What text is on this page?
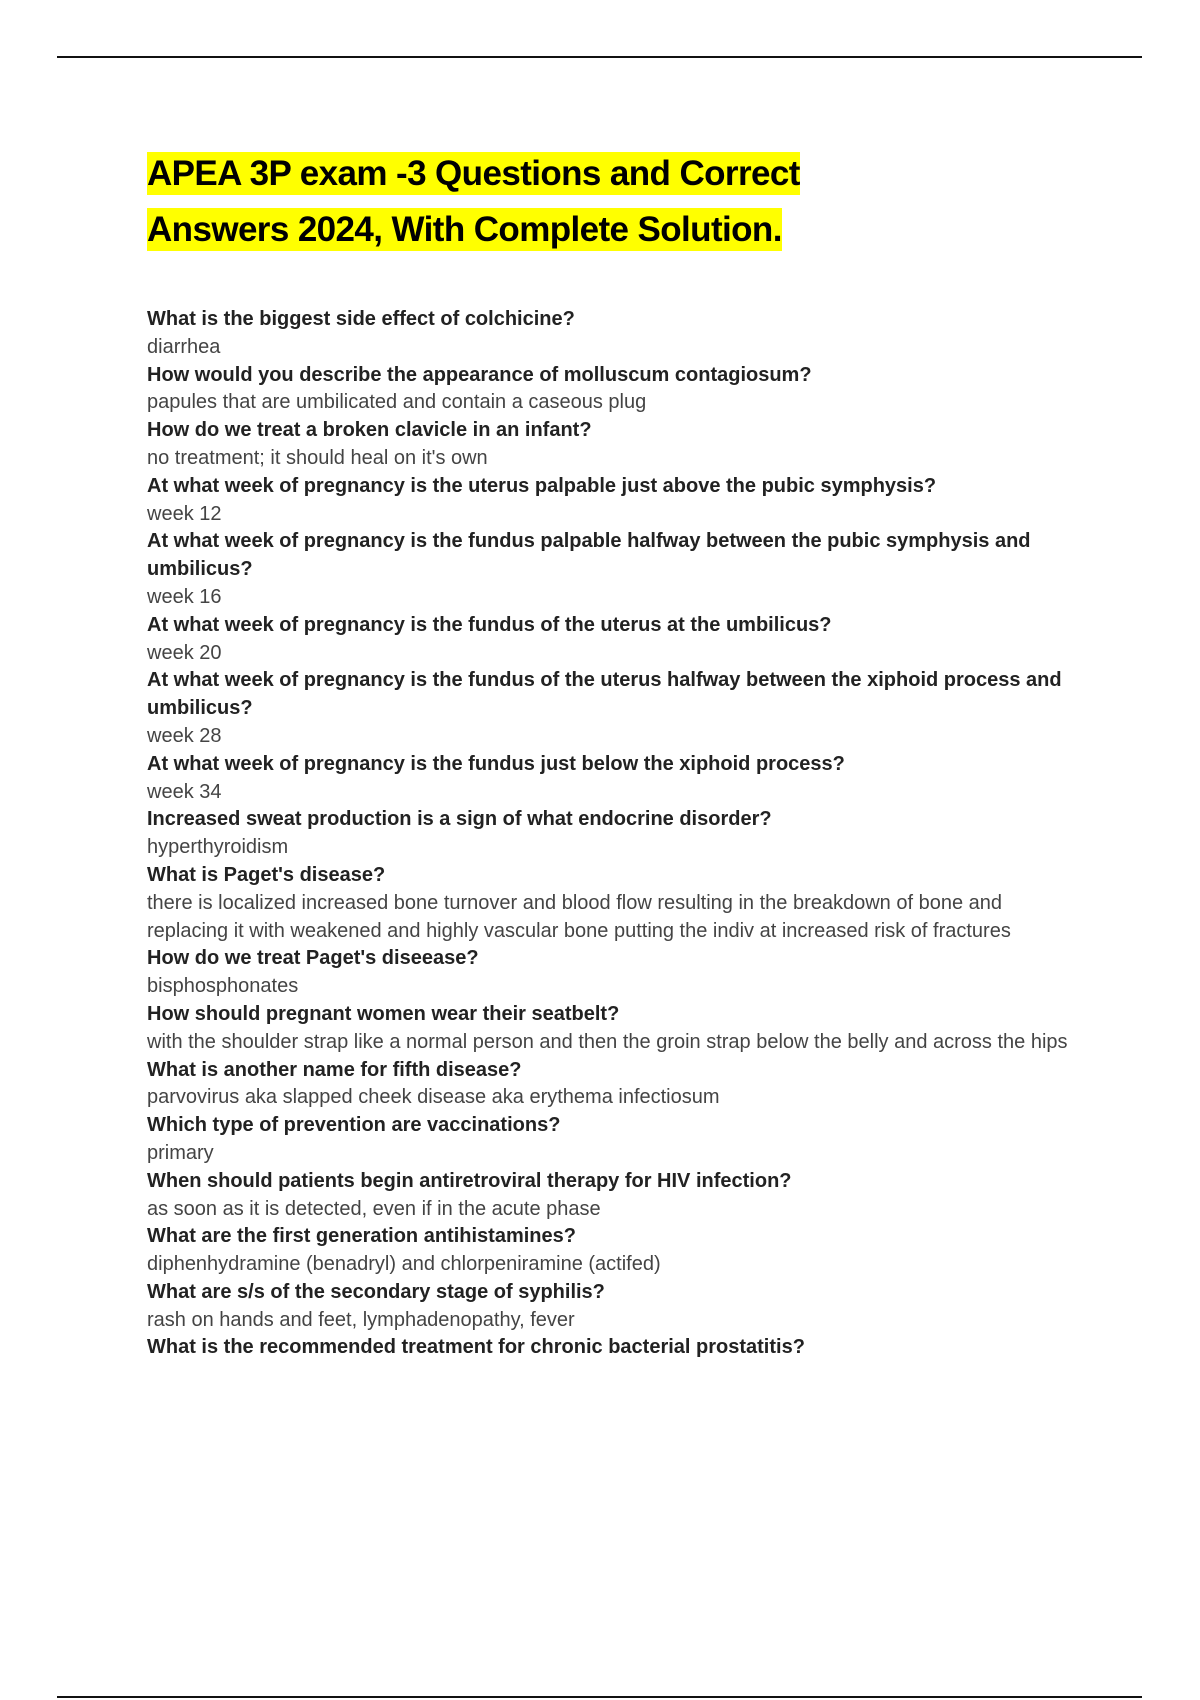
APEA 3P exam -3 Questions and Correct
Answers 2024, With Complete Solution.
What is the biggest side effect of colchicine?
diarrhea
How would you describe the appearance of molluscum contagiosum?
papules that are umbilicated and contain a caseous plug
How do we treat a broken clavicle in an infant?
no treatment; it should heal on it's own
At what week of pregnancy is the uterus palpable just above the pubic symphysis?
week 12
At what week of pregnancy is the fundus palpable halfway between the pubic symphysis and umbilicus?
week 16
At what week of pregnancy is the fundus of the uterus at the umbilicus?
week 20
At what week of pregnancy is the fundus of the uterus halfway between the xiphoid process and umbilicus?
week 28
At what week of pregnancy is the fundus just below the xiphoid process?
week 34
Increased sweat production is a sign of what endocrine disorder?
hyperthyroidism
What is Paget's disease?
there is localized increased bone turnover and blood flow resulting in the breakdown of bone and replacing it with weakened and highly vascular bone putting the indiv at increased risk of fractures
How do we treat Paget's diseease?
bisphosphonates
How should pregnant women wear their seatbelt?
with the shoulder strap like a normal person and then the groin strap below the belly and across the hips
What is another name for fifth disease?
parvovirus aka slapped cheek disease aka erythema infectiosum
Which type of prevention are vaccinations?
primary
When should patients begin antiretroviral therapy for HIV infection?
as soon as it is detected, even if in the acute phase
What are the first generation antihistamines?
diphenhydramine (benadryl) and chlorpeniramine (actifed)
What are s/s of the secondary stage of syphilis?
rash on hands and feet, lymphadenopathy, fever
What is the recommended treatment for chronic bacterial prostatitis?
